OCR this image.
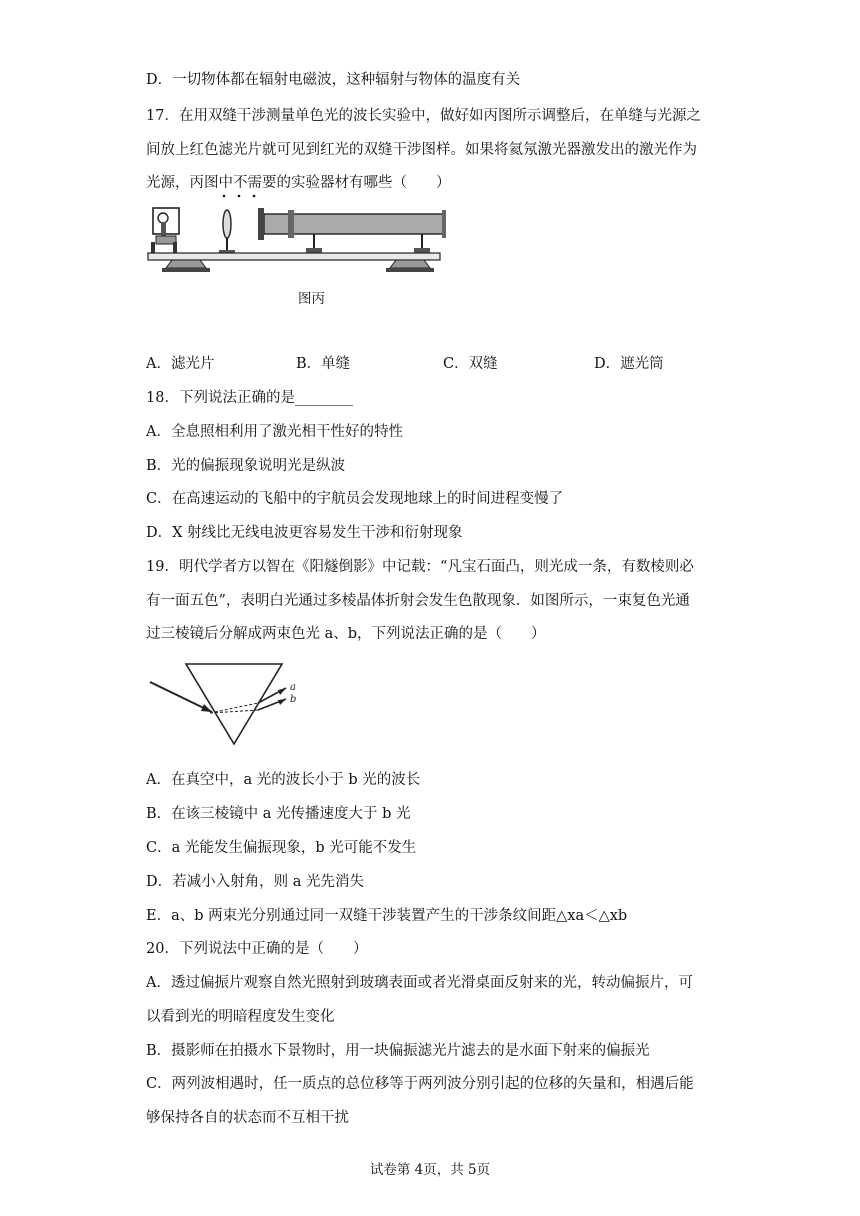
D．一切物体都在辐射电磁波，这种辐射与物体的温度有关
17．在用双缝干涉测量单色光的波长实验中，做好如丙图所示调整后，在单缝与光源之
间放上红色滤光片就可见到红光的双缝干涉图样。如果将氦氖激光器激发出的激光作为
光源，丙图中不需要的实验器材有哪些（　　）
图丙
A．滤光片	B．单缝	C．双缝	D．遮光筒
18．下列说法正确的是________
A．全息照相利用了激光相干性好的特性
B．光的偏振现象说明光是纵波
C．在高速运动的飞船中的宇航员会发现地球上的时间进程变慢了
D．X 射线比无线电波更容易发生干涉和衍射现象
19．明代学者方以智在《阳燧倒影》中记载：“凡宝石面凸，则光成一条，有数棱则必
有一面五色”，表明白光通过多棱晶体折射会发生色散现象．如图所示，一束复色光通
过三棱镜后分解成两束色光 a、b，下列说法正确的是（　　）
a
b
A．在真空中，a 光的波长小于 b 光的波长
B．在该三棱镜中 a 光传播速度大于 b 光
C．a 光能发生偏振现象，b 光可能不发生
D．若减小入射角，则 a 光先消失
E．a、b 两束光分别通过同一双缝干涉装置产生的干涉条纹间距△xa＜△xb
20．下列说法中正确的是（　　）
A．透过偏振片观察自然光照射到玻璃表面或者光滑桌面反射来的光，转动偏振片，可
以看到光的明暗程度发生变化
B．摄影师在拍摄水下景物时，用一块偏振滤光片滤去的是水面下射来的偏振光
C．两列波相遇时，任一质点的总位移等于两列波分别引起的位移的矢量和，相遇后能
够保持各自的状态而不互相干扰
试卷第 4页，共 5页
